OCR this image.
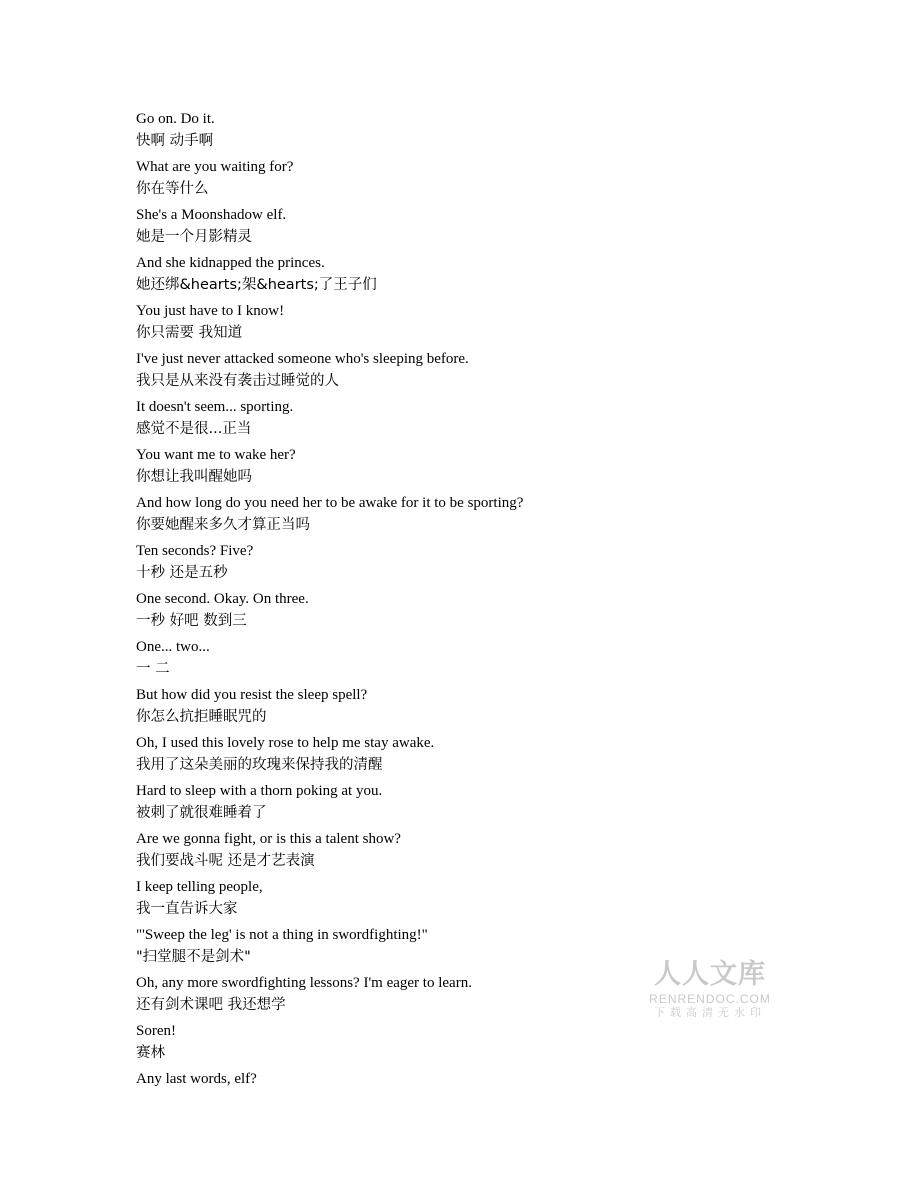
Go on. Do it.
快啊 动手啊
What are you waiting for?
你在等什么
She's a Moonshadow elf.
她是一个月影精灵
And she kidnapped the princes.
她还绑&hearts;架&hearts;了王子们
You just have to I know!
你只需要 我知道
I've just never attacked someone who's sleeping before.
我只是从来没有袭击过睡觉的人
It doesn't seem... sporting.
感觉不是很...正当
You want me to wake her?
你想让我叫醒她吗
And how long do you need her to be awake for it to be sporting?
你要她醒来多久才算正当吗
Ten seconds? Five?
十秒 还是五秒
One second. Okay. On three.
一秒 好吧 数到三
One... two...
一 二
But how did you resist the sleep spell?
你怎么抗拒睡眠咒的
Oh, I used this lovely rose to help me stay awake.
我用了这朵美丽的玫瑰来保持我的清醒
Hard to sleep with a thorn poking at you.
被刺了就很难睡着了
Are we gonna fight, or is this a talent show?
我们要战斗呢 还是才艺表演
I keep telling people,
我一直告诉大家
"'Sweep the leg' is not a thing in swordfighting!"
"扫堂腿不是剑术"
Oh, any more swordfighting lessons? I'm eager to learn.
还有剑术课吧 我还想学
Soren!
赛林
Any last words, elf?
人人文库
RENRENDOC.COM
下载高清无水印
